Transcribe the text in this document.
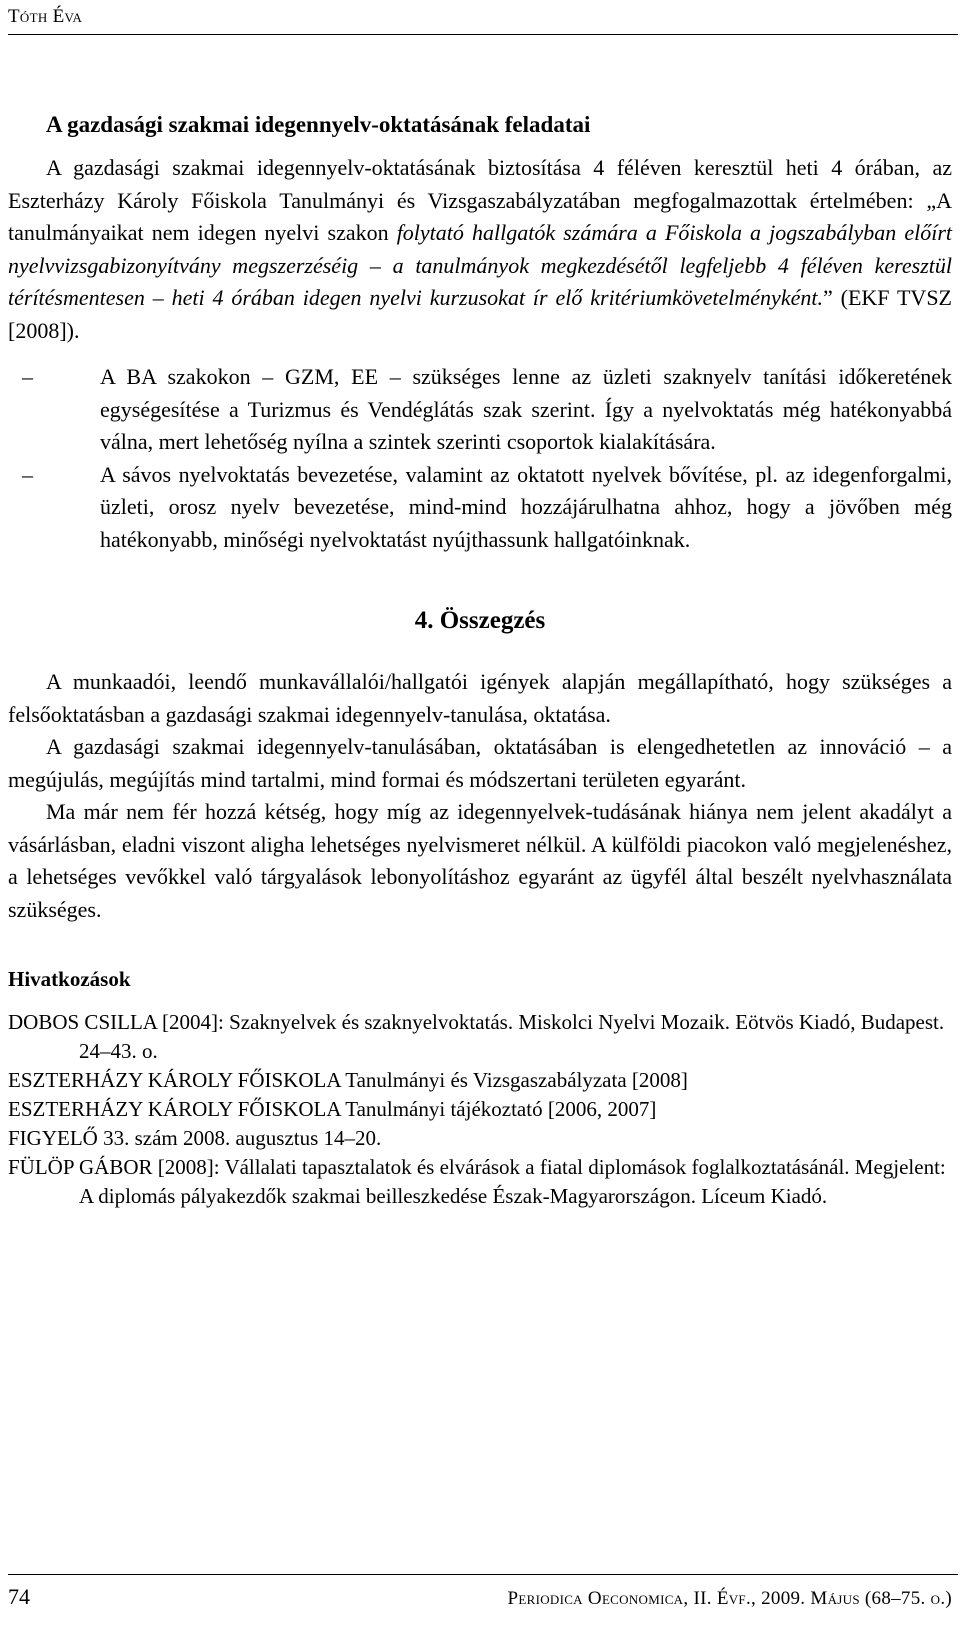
Tóth Éva
A gazdasági szakmai idegennyelv-oktatásának feladatai

A gazdasági szakmai idegennyelv-oktatásának biztosítása 4 féléven keresztül heti 4 órában, az Eszterházy Károly Főiskola Tanulmányi és Vizsgaszabályzatában megfogalmazottak értelmében: „A tanulmányaikat nem idegen nyelvi szakon folytató hallgatók számára a Főiskola a jogszabályban előírt nyelvvizsgabizonyítvány megszerzéséig – a tanulmányok megkezdésétől legfeljebb 4 féléven keresztül térítésmentesen – heti 4 órában idegen nyelvi kurzusokat ír elő kritériumkövetelményként.” (EKF TVSZ [2008]).

–	A BA szakokon – GZM, EE – szükséges lenne az üzleti szaknyelv tanítási időkeretének egységesítése a Turizmus és Vendéglátás szak szerint. Így a nyelvoktatás még hatékonyabbá válna, mert lehetőség nyílna a szintek szerinti csoportok kialakítására.
–	A sávos nyelvoktatás bevezetése, valamint az oktatott nyelvek bővítése, pl. az idegenforgalmi, üzleti, orosz nyelv bevezetése, mind-mind hozzájárulhatna ahhoz, hogy a jövőben még hatékonyabb, minőségi nyelvoktatást nyújthassunk hallgatóinknak.
4. Összegzés

A munkaadói, leendő munkavállalói/hallgatói igények alapján megállapítható, hogy szükséges a felsőoktatásban a gazdasági szakmai idegennyelv-tanulása, oktatása.

A gazdasági szakmai idegennyelv-tanulásában, oktatásában is elengedhetetlen az innováció – a megújulás, megújítás mind tartalmi, mind formai és módszertani területen egyaránt.

Ma már nem fér hozzá kétség, hogy míg az idegennyelvek-tudásának hiánya nem jelent akadályt a vásárlásban, eladni viszont aligha lehetséges nyelvismeret nélkül. A külföldi piacokon való megjelenéshez, a lehetséges vevőkkel való tárgyalások lebonyolításhoz egyaránt az ügyfél által beszélt nyelvhasználata szükséges.

Hivatkozások
DOBOS CSILLA [2004]: Szaknyelvek és szaknyelvoktatás. Miskolci Nyelvi Mozaik. Eötvös Kiadó, Budapest. 24–43. o.
ESZTERHÁZY KÁROLY FŐISKOLA Tanulmányi és Vizsgaszabályzata [2008]
ESZTERHÁZY KÁROLY FŐISKOLA Tanulmányi tájékoztató [2006, 2007]
FIGYELŐ 33. szám 2008. augusztus 14–20.
FÜLÖP GÁBOR [2008]: Vállalati tapasztalatok és elvárások a fiatal diplomások foglalkoztatásánál. Megjelent: A diplomás pályakezdők szakmai beilleszkedése Észak-Magyarországon. Líceum Kiadó.
74	Periodica Oeconomica, II. Évf., 2009. Május (68–75. o.)
